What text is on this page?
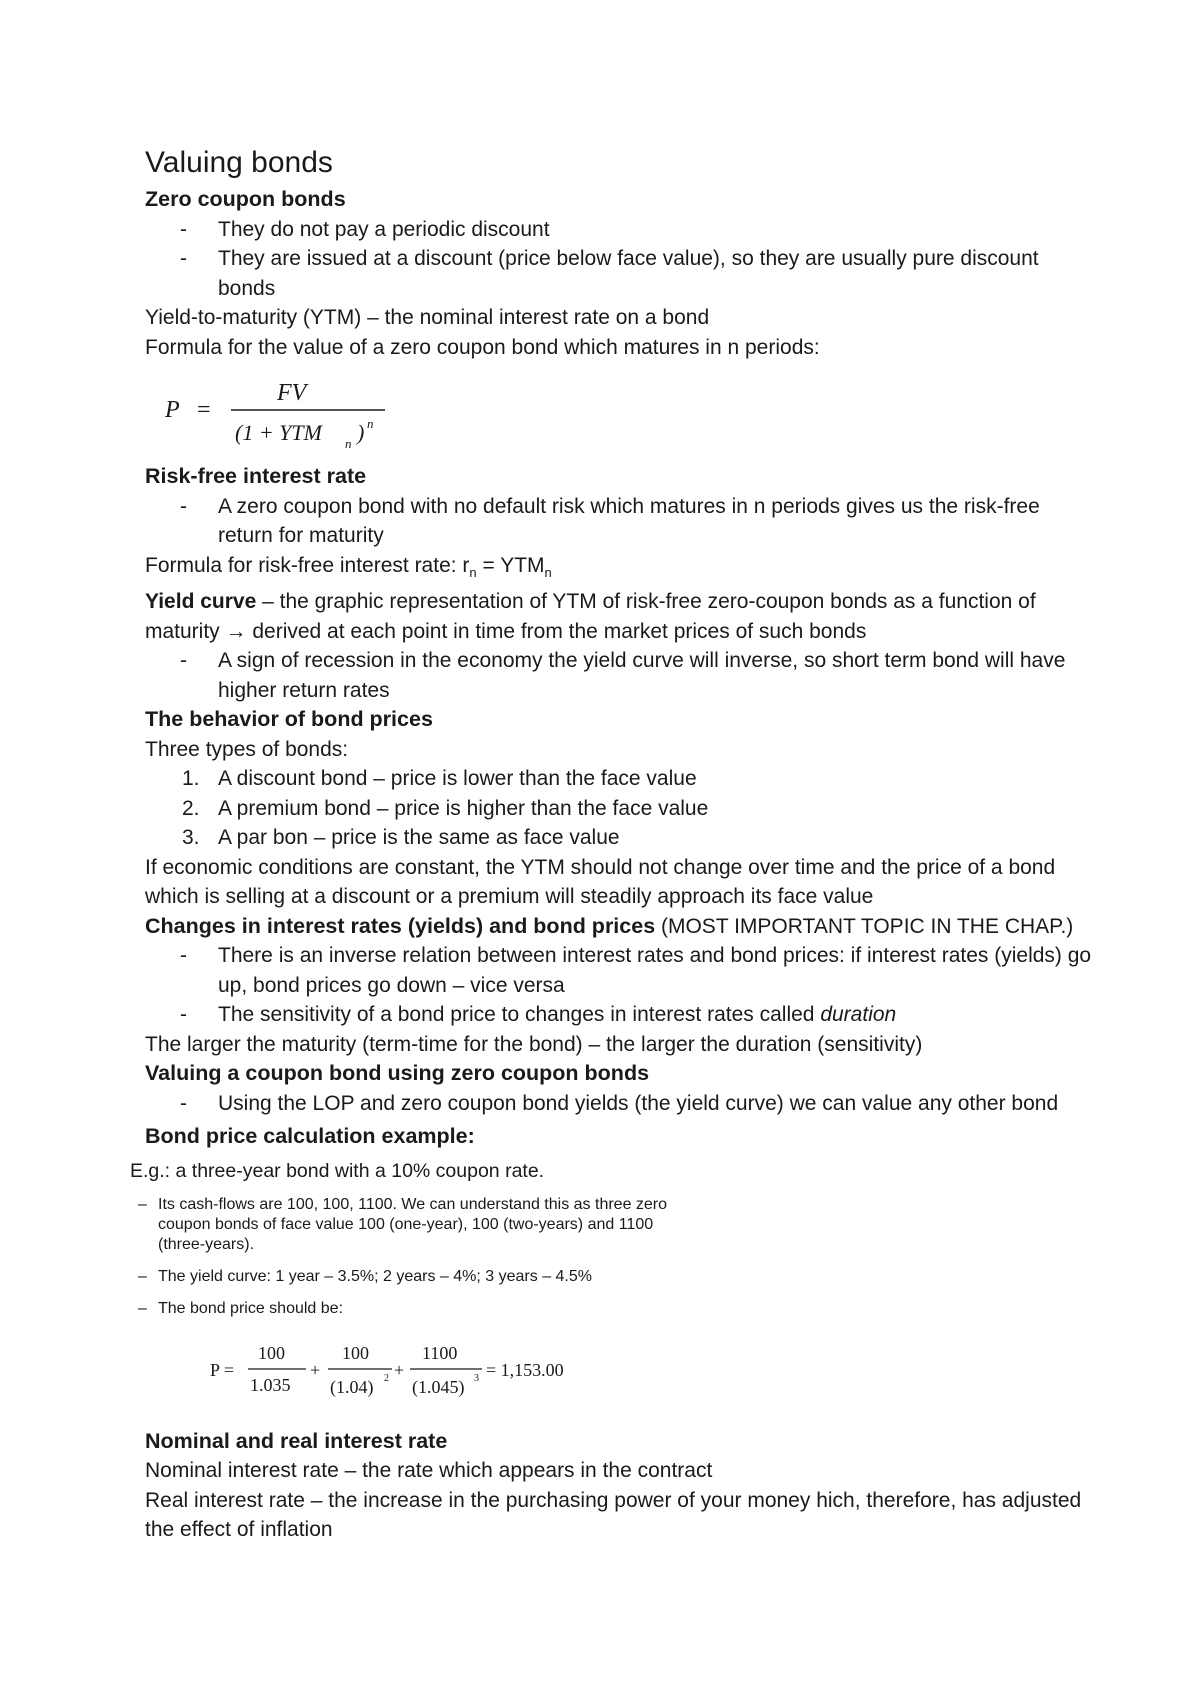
Valuing bonds

Zero coupon bonds

- They do not pay a periodic discount
- They are issued at a discount (price below face value), so they are usually pure discount bonds

Yield-to-maturity (YTM) – the nominal interest rate on a bond

Formula for the value of a zero coupon bond which matures in n periods:

P =
FV
(1 + YTM n ) n

Risk-free interest rate

- A zero coupon bond with no default risk which matures in n periods gives us the risk-free return for maturity

Formula for risk-free interest rate: $r_n = YTM_n$

Yield curve – the graphic representation of YTM of risk-free zero-coupon bonds as a function of maturity → derived at each point in time from the market prices of such bonds

- A sign of recession in the economy the yield curve will inverse, so short term bond will have higher return rates

The behavior of bond prices

Three types of bonds:

1. A discount bond – price is lower than the face value
2. A premium bond – price is higher than the face value
3. A par bon – price is the same as face value

If economic conditions are constant, the YTM should not change over time and the price of a bond which is selling at a discount or a premium will steadily approach its face value

Changes in interest rates (yields) and bond prices (MOST IMPORTANT TOPIC IN THE CHAP.)

- There is an inverse relation between interest rates and bond prices: if interest rates (yields) go up, bond prices go down – vice versa
- The sensitivity of a bond price to changes in interest rates called duration

The larger the maturity (term-time for the bond) – the larger the duration (sensitivity)

Valuing a coupon bond using zero coupon bonds

- Using the LOP and zero coupon bond yields (the yield curve) we can value any other bond

Bond price calculation example:

E.g.: a three-year bond with a 10% coupon rate.

– Its cash-flows are 100, 100, 1100. We can understand this as three zero coupon bonds of face value 100 (one-year), 100 (two-years) and 1100 (three-years).

– The yield curve: 1 year – 3.5%; 2 years – 4%; 3 years – 4.5%

– The bond price should be:

P =
100
1.035
+
100
(1.04) 2 +
1100
(1.045) 3 = 1,153.00

Nominal and real interest rate

Nominal interest rate – the rate which appears in the contract

Real interest rate – the increase in the purchasing power of your money hich, therefore, has adjusted the effect of inflation
